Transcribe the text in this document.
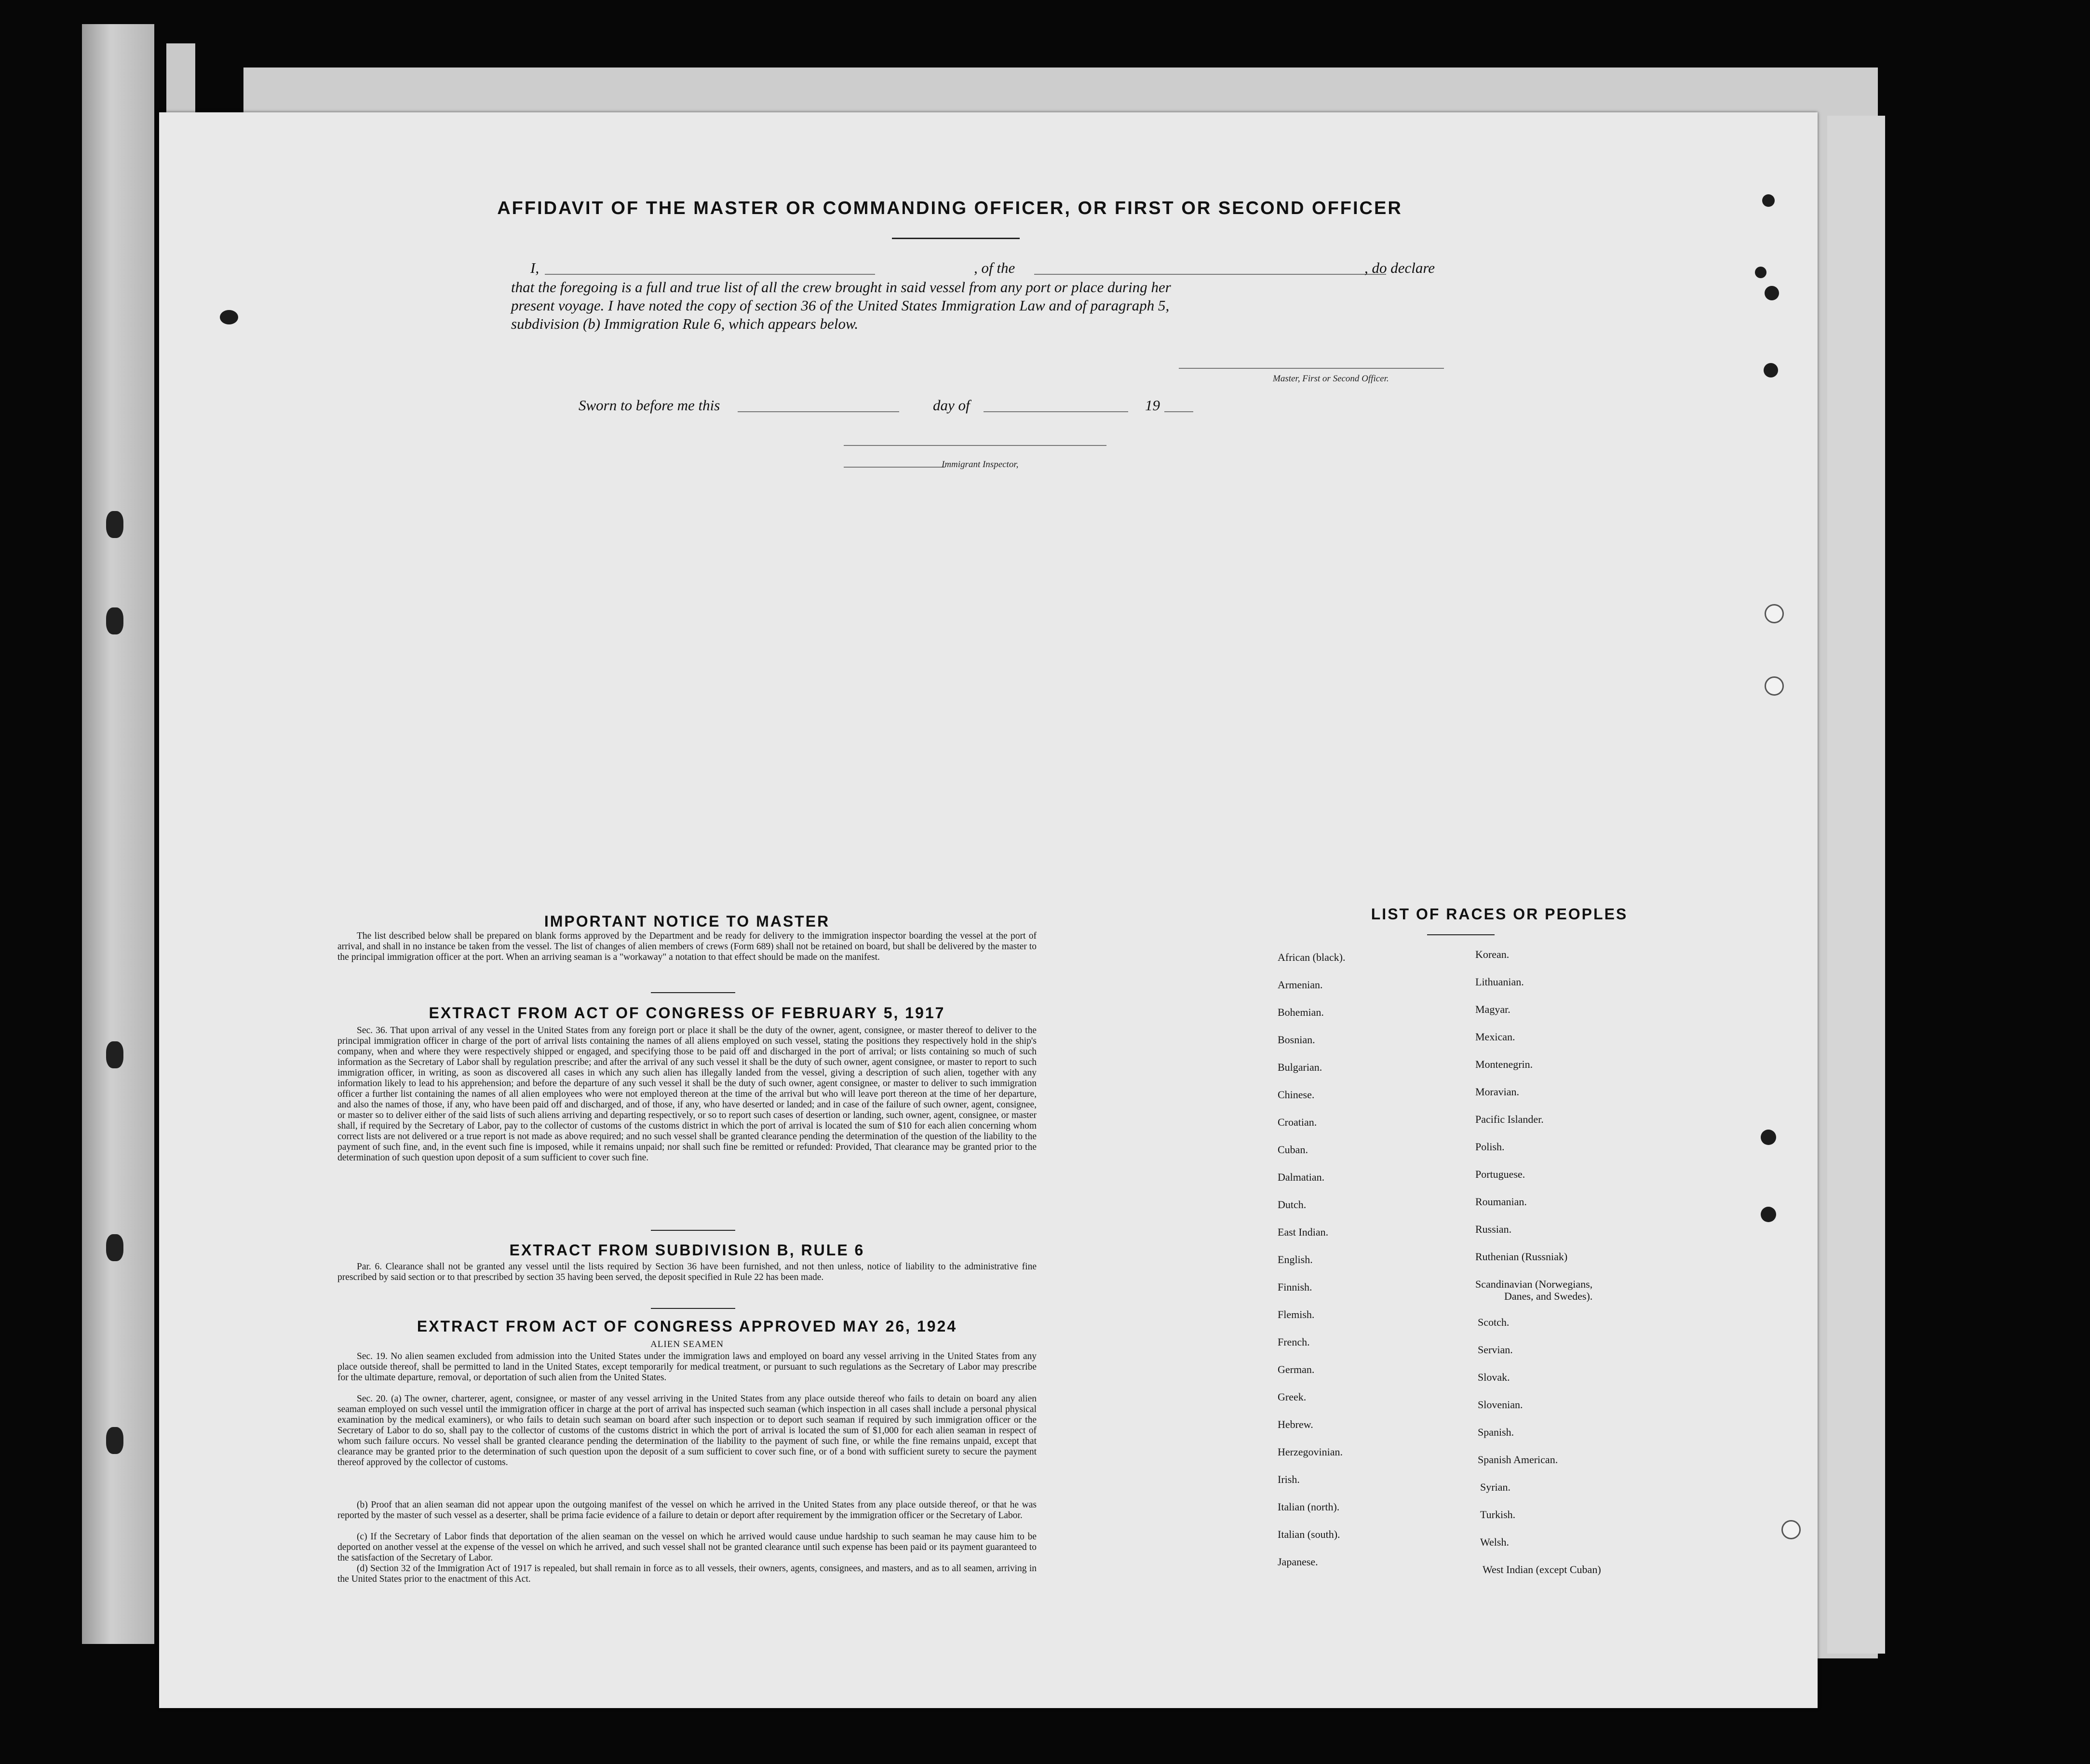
AFFIDAVIT OF THE MASTER OR COMMANDING OFFICER, OR FIRST OR SECOND OFFICER
I,	, of the	, do declare
that the foregoing is a full and true list of all the crew brought in said vessel from any port or place during her
present voyage. I have noted the copy of section 36 of the United States Immigration Law and of paragraph 5,
subdivision (b) Immigration Rule 6, which appears below.
Master, First or Second Officer.
Sworn to before me this	day of	19
Immigrant Inspector,
IMPORTANT NOTICE TO MASTER
The list described below shall be prepared on blank forms approved by the Department and be ready for delivery to the immigration inspector boarding the vessel at the port of arrival, and shall in no instance be taken from the vessel. The list of changes of alien members of crews (Form 689) shall not be retained on board, but shall be delivered by the master to the principal immigration officer at the port. When an arriving seaman is a "workaway" a notation to that effect should be made on the manifest.
EXTRACT FROM ACT OF CONGRESS OF FEBRUARY 5, 1917
Sec. 36. That upon arrival of any vessel in the United States from any foreign port or place it shall be the duty of the owner, agent, consignee, or master thereof to deliver to the principal immigration officer in charge of the port of arrival lists containing the names of all aliens employed on such vessel, stating the positions they respectively hold in the ship's company, when and where they were respectively shipped or engaged, and specifying those to be paid off and discharged in the port of arrival; or lists containing so much of such information as the Secretary of Labor shall by regulation prescribe; and after the arrival of any such vessel it shall be the duty of such owner, agent consignee, or master to report to such immigration officer, in writing, as soon as discovered all cases in which any such alien has illegally landed from the vessel, giving a description of such alien, together with any information likely to lead to his apprehension; and before the departure of any such vessel it shall be the duty of such owner, agent consignee, or master to deliver to such immigration officer a further list containing the names of all alien employees who were not employed thereon at the time of the arrival but who will leave port thereon at the time of her departure, and also the names of those, if any, who have been paid off and discharged, and of those, if any, who have deserted or landed; and in case of the failure of such owner, agent, consignee, or master so to deliver either of the said lists of such aliens arriving and departing respectively, or so to report such cases of desertion or landing, such owner, agent, consignee, or master shall, if required by the Secretary of Labor, pay to the collector of customs of the customs district in which the port of arrival is located the sum of $10 for each alien concerning whom correct lists are not delivered or a true report is not made as above required; and no such vessel shall be granted clearance pending the determination of the question of the liability to the payment of such fine, and, in the event such fine is imposed, while it remains unpaid; nor shall such fine be remitted or refunded: Provided, That clearance may be granted prior to the determination of such question upon deposit of a sum sufficient to cover such fine.
EXTRACT FROM SUBDIVISION B, RULE 6
Par. 6. Clearance shall not be granted any vessel until the lists required by Section 36 have been furnished, and not then unless, notice of liability to the administrative fine prescribed by said section or to that prescribed by section 35 having been served, the deposit specified in Rule 22 has been made.
EXTRACT FROM ACT OF CONGRESS APPROVED MAY 26, 1924
ALIEN SEAMEN
Sec. 19. No alien seamen excluded from admission into the United States under the immigration laws and employed on board any vessel arriving in the United States from any place outside thereof, shall be permitted to land in the United States, except temporarily for medical treatment, or pursuant to such regulations as the Secretary of Labor may prescribe for the ultimate departure, removal, or deportation of such alien from the United States.
Sec. 20. (a) The owner, charterer, agent, consignee, or master of any vessel arriving in the United States from any place outside thereof who fails to detain on board any alien seaman employed on such vessel until the immigration officer in charge at the port of arrival has inspected such seaman (which inspection in all cases shall include a personal physical examination by the medical examiners), or who fails to detain such seaman on board after such inspection or to deport such seaman if required by such immigration officer or the Secretary of Labor to do so, shall pay to the collector of customs of the customs district in which the port of arrival is located the sum of $1,000 for each alien seaman in respect of whom such failure occurs. No vessel shall be granted clearance pending the determination of the liability to the payment of such fine, or while the fine remains unpaid, except that clearance may be granted prior to the determination of such question upon the deposit of a sum sufficient to cover such fine, or of a bond with sufficient surety to secure the payment thereof approved by the collector of customs.
(b) Proof that an alien seaman did not appear upon the outgoing manifest of the vessel on which he arrived in the United States from any place outside thereof, or that he was reported by the master of such vessel as a deserter, shall be prima facie evidence of a failure to detain or deport after requirement by the immigration officer or the Secretary of Labor.
(c) If the Secretary of Labor finds that deportation of the alien seaman on the vessel on which he arrived would cause undue hardship to such seaman he may cause him to be deported on another vessel at the expense of the vessel on which he arrived, and such vessel shall not be granted clearance until such expense has been paid or its payment guaranteed to the satisfaction of the Secretary of Labor.
(d) Section 32 of the Immigration Act of 1917 is repealed, but shall remain in force as to all vessels, their owners, agents, consignees, and masters, and as to all seamen, arriving in the United States prior to the enactment of this Act.
LIST OF RACES OR PEOPLES
African (black).
Armenian.
Bohemian.
Bosnian.
Bulgarian.
Chinese.
Croatian.
Cuban.
Dalmatian.
Dutch.
East Indian.
English.
Finnish.
Flemish.
French.
German.
Greek.
Hebrew.
Herzegovinian.
Irish.
Italian (north).
Italian (south).
Japanese.
Korean.
Lithuanian.
Magyar.
Mexican.
Montenegrin.
Moravian.
Pacific Islander.
Polish.
Portuguese.
Roumanian.
Russian.
Ruthenian (Russniak)
Scandinavian (Norwegians,
Danes, and Swedes).
Scotch.
Servian.
Slovak.
Slovenian.
Spanish.
Spanish American.
Syrian.
Turkish.
Welsh.
West Indian (except Cuban)
